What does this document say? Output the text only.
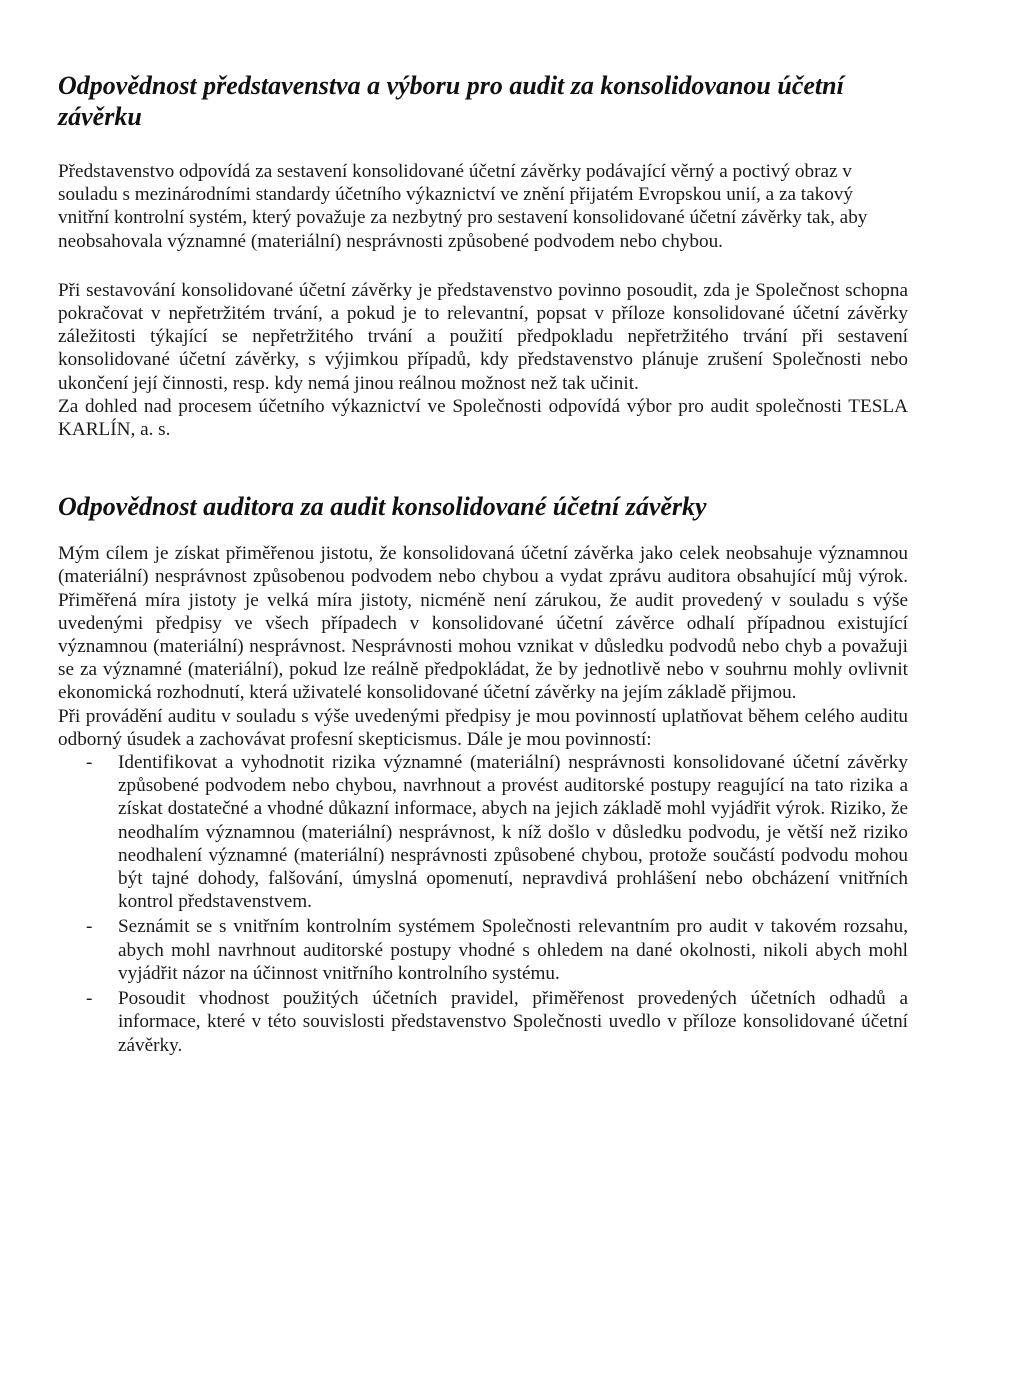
Odpovědnost představenstva a výboru pro audit za konsolidovanou účetní závěrku

Představenstvo odpovídá za sestavení konsolidované účetní závěrky podávající věrný a poctivý obraz v souladu s mezinárodními standardy účetního výkaznictví ve znění přijatém Evropskou unií, a za takový vnitřní kontrolní systém, který považuje za nezbytný pro sestavení konsolidované účetní závěrky tak, aby neobsahovala významné (materiální) nesprávnosti způsobené podvodem nebo chybou.

Při sestavování konsolidované účetní závěrky je představenstvo povinno posoudit, zda je Společnost schopna pokračovat v nepřetržitém trvání, a pokud je to relevantní, popsat v příloze konsolidované účetní závěrky záležitosti týkající se nepřetržitého trvání a použití předpokladu nepřetržitého trvání při sestavení konsolidované účetní závěrky, s výjimkou případů, kdy představenstvo plánuje zrušení Společnosti nebo ukončení její činnosti, resp. kdy nemá jinou reálnou možnost než tak učinit.

Za dohled nad procesem účetního výkaznictví ve Společnosti odpovídá výbor pro audit společnosti TESLA KARLÍN, a. s.

Odpovědnost auditora za audit konsolidované účetní závěrky

Mým cílem je získat přiměřenou jistotu, že konsolidovaná účetní závěrka jako celek neobsahuje významnou (materiální) nesprávnost způsobenou podvodem nebo chybou a vydat zprávu auditora obsahující můj výrok. Přiměřená míra jistoty je velká míra jistoty, nicméně není zárukou, že audit provedený v souladu s výše uvedenými předpisy ve všech případech v konsolidované účetní závěrce odhalí případnou existující významnou (materiální) nesprávnost. Nesprávnosti mohou vznikat v důsledku podvodů nebo chyb a považuji se za významné (materiální), pokud lze reálně předpokládat, že by jednotlivě nebo v souhrnu mohly ovlivnit ekonomická rozhodnutí, která uživatelé konsolidované účetní závěrky na jejím základě přijmou.

Při provádění auditu v souladu s výše uvedenými předpisy je mou povinností uplatňovat během celého auditu odborný úsudek a zachovávat profesní skepticismus. Dále je mou povinností:

- Identifikovat a vyhodnotit rizika významné (materiální) nesprávnosti konsolidované účetní závěrky způsobené podvodem nebo chybou, navrhnout a provést auditorské postupy reagující na tato rizika a získat dostatečné a vhodné důkazní informace, abych na jejich základě mohl vyjádřit výrok. Riziko, že neodhalím významnou (materiální) nesprávnost, k níž došlo v důsledku podvodu, je větší než riziko neodhalení významné (materiální) nesprávnosti způsobené chybou, protože součástí podvodu mohou být tajné dohody, falšování, úmyslná opomenutí, nepravdivá prohlášení nebo obcházení vnitřních kontrol představenstvem.
- Seznámit se s vnitřním kontrolním systémem Společnosti relevantním pro audit v takovém rozsahu, abych mohl navrhnout auditorské postupy vhodné s ohledem na dané okolnosti, nikoli abych mohl vyjádřit názor na účinnost vnitřního kontrolního systému.
- Posoudit vhodnost použitých účetních pravidel, přiměřenost provedených účetních odhadů a informace, které v této souvislosti představenstvo Společnosti uvedlo v příloze konsolidované účetní závěrky.
